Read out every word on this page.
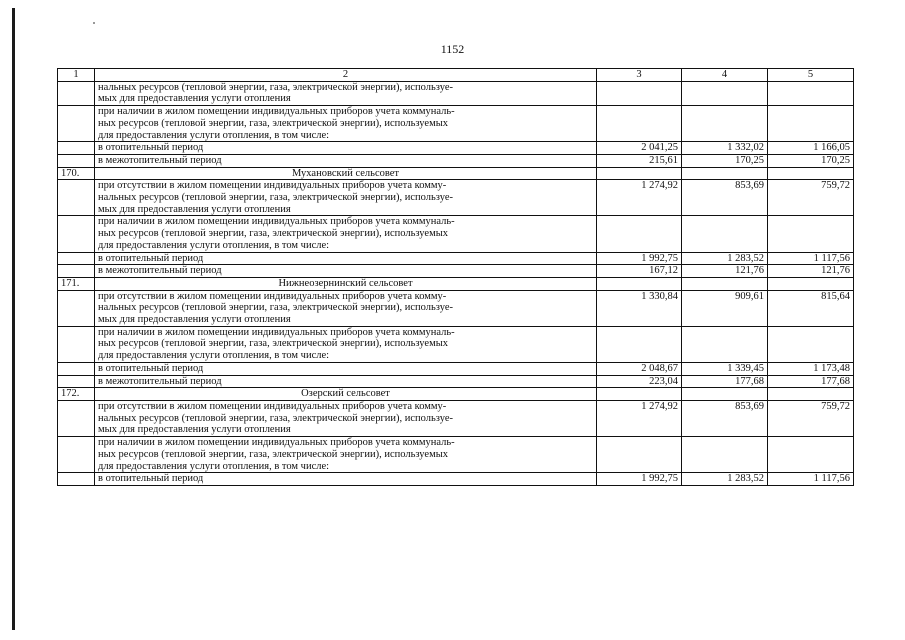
1152
1	2	3	4	5

	нальных ресурсов (тепловой энергии, газа, электрической энергии), используе-
мых для предоставления услуги отопления			

	при наличии в жилом помещении индивидуальных приборов учета коммуналь-
ных ресурсов (тепловой энергии, газа, электрической энергии), используемых
для предоставления услуги отопления, в том числе:			

	в отопительный период	2 041,25	1 332,02	1 166,05

	в межотопительный период	215,61	170,25	170,25
170.	Мухановский сельсовет			

	при отсутствии в жилом помещении индивидуальных приборов учета комму-
нальных ресурсов (тепловой энергии, газа, электрической энергии), используе-
мых для предоставления услуги отопления	1 274,92	853,69	759,72

	при наличии в жилом помещении индивидуальных приборов учета коммуналь-
ных ресурсов (тепловой энергии, газа, электрической энергии), используемых
для предоставления услуги отопления, в том числе:			

	в отопительный период	1 992,75	1 283,52	1 117,56

	в межотопительный период	167,12	121,76	121,76
171.	Нижнеозернинский сельсовет			

	при отсутствии в жилом помещении индивидуальных приборов учета комму-
нальных ресурсов (тепловой энергии, газа, электрической энергии), используе-
мых для предоставления услуги отопления	1 330,84	909,61	815,64

	при наличии в жилом помещении индивидуальных приборов учета коммуналь-
ных ресурсов (тепловой энергии, газа, электрической энергии), используемых
для предоставления услуги отопления, в том числе:			

	в отопительный период	2 048,67	1 339,45	1 173,48

	в межотопительный период	223,04	177,68	177,68
172.	Озерский сельсовет			

	при отсутствии в жилом помещении индивидуальных приборов учета комму-
нальных ресурсов (тепловой энергии, газа, электрической энергии), используе-
мых для предоставления услуги отопления	1 274,92	853,69	759,72

	при наличии в жилом помещении индивидуальных приборов учета коммуналь-
ных ресурсов (тепловой энергии, газа, электрической энергии), используемых
для предоставления услуги отопления, в том числе:			

	в отопительный период	1 992,75	1 283,52	1 117,56
